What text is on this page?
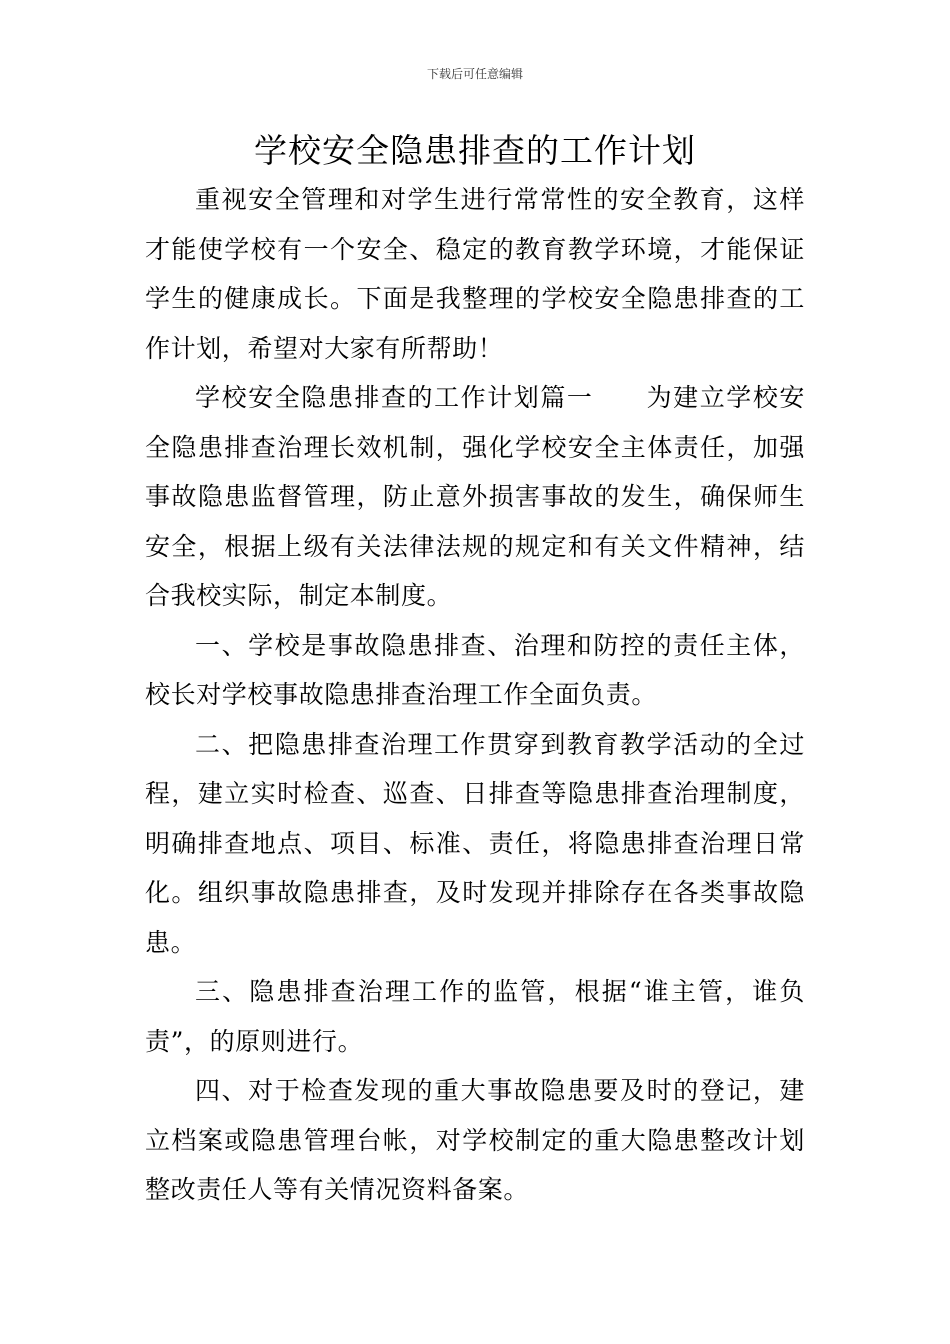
下载后可任意编辑
学校安全隐患排查的工作计划

重视安全管理和对学生进行常常性的安全教育，这样才能使学校有一个安全、稳定的教育教学环境，才能保证学生的健康成长。下面是我整理的学校安全隐患排查的工作计划，希望对大家有所帮助！

学校安全隐患排查的工作计划篇一　　为建立学校安全隐患排查治理长效机制，强化学校安全主体责任，加强事故隐患监督管理，防止意外损害事故的发生，确保师生安全，根据上级有关法律法规的规定和有关文件精神，结合我校实际，制定本制度。

一、学校是事故隐患排查、治理和防控的责任主体，校长对学校事故隐患排查治理工作全面负责。

二、把隐患排查治理工作贯穿到教育教学活动的全过程，建立实时检查、巡查、日排查等隐患排查治理制度，明确排查地点、项目、标准、责任，将隐患排查治理日常化。组织事故隐患排查，及时发现并排除存在各类事故隐患。

三、隐患排查治理工作的监管，根据“谁主管，谁负责”，的原则进行。

四、对于检查发现的重大事故隐患要及时的登记，建立档案或隐患管理台帐，对学校制定的重大隐患整改计划整改责任人等有关情况资料备案。
